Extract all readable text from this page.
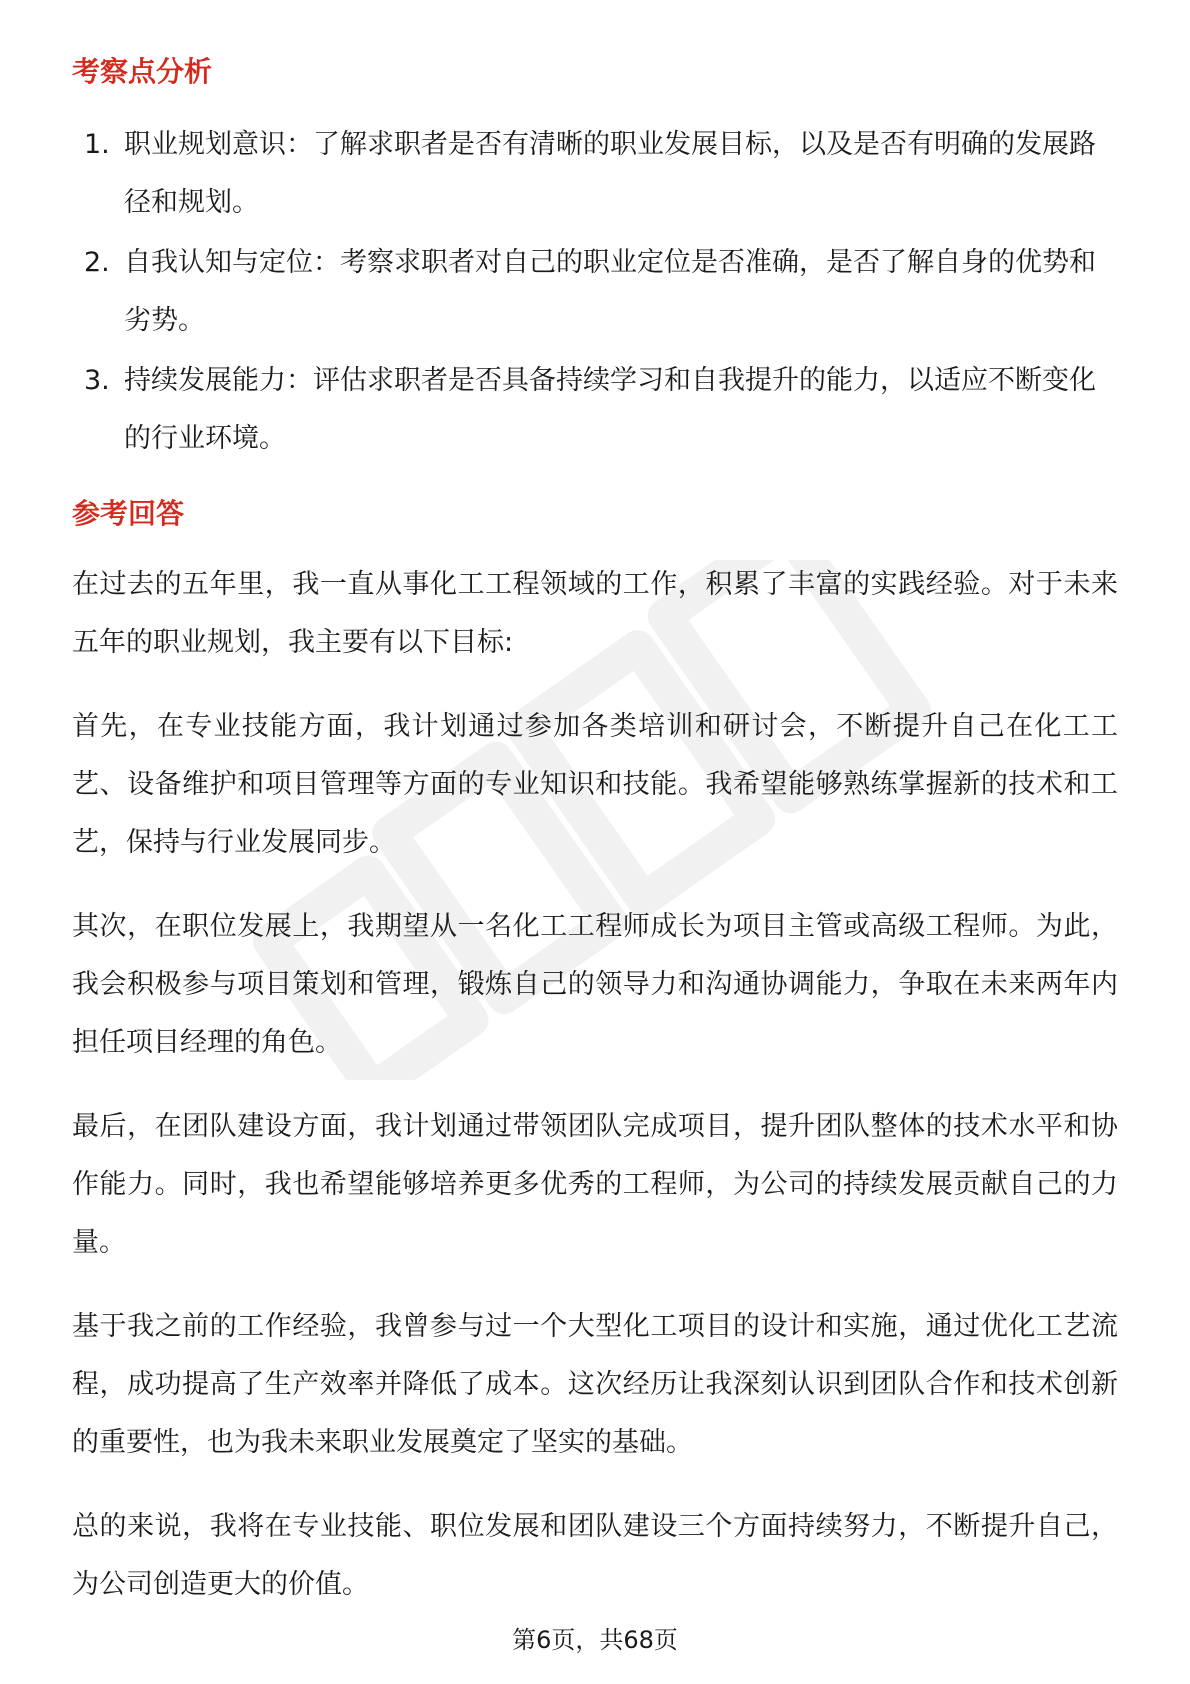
考察点分析
1. 职业规划意识：了解求职者是否有清晰的职业发展目标，以及是否有明确的发展路径和规划。
2. 自我认知与定位：考察求职者对自己的职业定位是否准确，是否了解自身的优势和劣势。
3. 持续发展能力：评估求职者是否具备持续学习和自我提升的能力，以适应不断变化的行业环境。
参考回答

在过去的五年里，我一直从事化工工程领域的工作，积累了丰富的实践经验。对于未来五年的职业规划，我主要有以下目标:

首先，在专业技能方面，我计划通过参加各类培训和研讨会，不断提升自己在化工工艺、设备维护和项目管理等方面的专业知识和技能。我希望能够熟练掌握新的技术和工艺，保持与行业发展同步。

其次，在职位发展上，我期望从一名化工工程师成长为项目主管或高级工程师。为此，我会积极参与项目策划和管理，锻炼自己的领导力和沟通协调能力，争取在未来两年内担任项目经理的角色。

最后，在团队建设方面，我计划通过带领团队完成项目，提升团队整体的技术水平和协作能力。同时，我也希望能够培养更多优秀的工程师，为公司的持续发展贡献自己的力量。

基于我之前的工作经验，我曾参与过一个大型化工项目的设计和实施，通过优化工艺流程，成功提高了生产效率并降低了成本。这次经历让我深刻认识到团队合作和技术创新的重要性，也为我未来职业发展奠定了坚实的基础。

总的来说，我将在专业技能、职位发展和团队建设三个方面持续努力，不断提升自己，为公司创造更大的价值。

第6页，共68页
